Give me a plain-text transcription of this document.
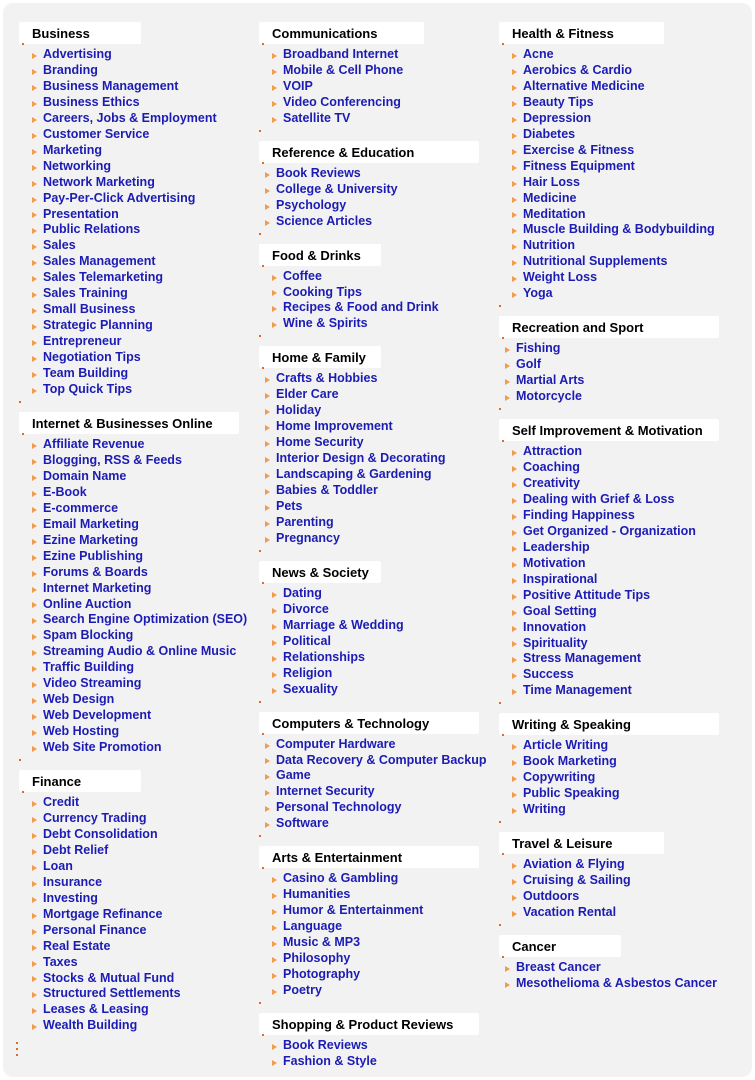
Business
Advertising
Branding
Business Management
Business Ethics
Careers, Jobs & Employment
Customer Service
Marketing
Networking
Network Marketing
Pay-Per-Click Advertising
Presentation
Public Relations
Sales
Sales Management
Sales Telemarketing
Sales Training
Small Business
Strategic Planning
Entrepreneur
Negotiation Tips
Team Building
Top Quick Tips
Internet & Businesses Online
Affiliate Revenue
Blogging, RSS & Feeds
Domain Name
E-Book
E-commerce
Email Marketing
Ezine Marketing
Ezine Publishing
Forums & Boards
Internet Marketing
Online Auction
Search Engine Optimization (SEO)
Spam Blocking
Streaming Audio & Online Music
Traffic Building
Video Streaming
Web Design
Web Development
Web Hosting
Web Site Promotion
Finance
Credit
Currency Trading
Debt Consolidation
Debt Relief
Loan
Insurance
Investing
Mortgage Refinance
Personal Finance
Real Estate
Taxes
Stocks & Mutual Fund
Structured Settlements
Leases & Leasing
Wealth Building
Communications
Broadband Internet
Mobile & Cell Phone
VOIP
Video Conferencing
Satellite TV
Reference & Education
Book Reviews
College & University
Psychology
Science Articles
Food & Drinks
Coffee
Cooking Tips
Recipes & Food and Drink
Wine & Spirits
Home & Family
Crafts & Hobbies
Elder Care
Holiday
Home Improvement
Home Security
Interior Design & Decorating
Landscaping & Gardening
Babies & Toddler
Pets
Parenting
Pregnancy
News & Society
Dating
Divorce
Marriage & Wedding
Political
Relationships
Religion
Sexuality
Computers & Technology
Computer Hardware
Data Recovery & Computer Backup
Game
Internet Security
Personal Technology
Software
Arts & Entertainment
Casino & Gambling
Humanities
Humor & Entertainment
Language
Music & MP3
Philosophy
Photography
Poetry
Shopping & Product Reviews
Book Reviews
Fashion & Style
Health & Fitness
Acne
Aerobics & Cardio
Alternative Medicine
Beauty Tips
Depression
Diabetes
Exercise & Fitness
Fitness Equipment
Hair Loss
Medicine
Meditation
Muscle Building & Bodybuilding
Nutrition
Nutritional Supplements
Weight Loss
Yoga
Recreation and Sport
Fishing
Golf
Martial Arts
Motorcycle
Self Improvement & Motivation
Attraction
Coaching
Creativity
Dealing with Grief & Loss
Finding Happiness
Get Organized - Organization
Leadership
Motivation
Inspirational
Positive Attitude Tips
Goal Setting
Innovation
Spirituality
Stress Management
Success
Time Management
Writing & Speaking
Article Writing
Book Marketing
Copywriting
Public Speaking
Writing
Travel & Leisure
Aviation & Flying
Cruising & Sailing
Outdoors
Vacation Rental
Cancer
Breast Cancer
Mesothelioma & Asbestos Cancer
